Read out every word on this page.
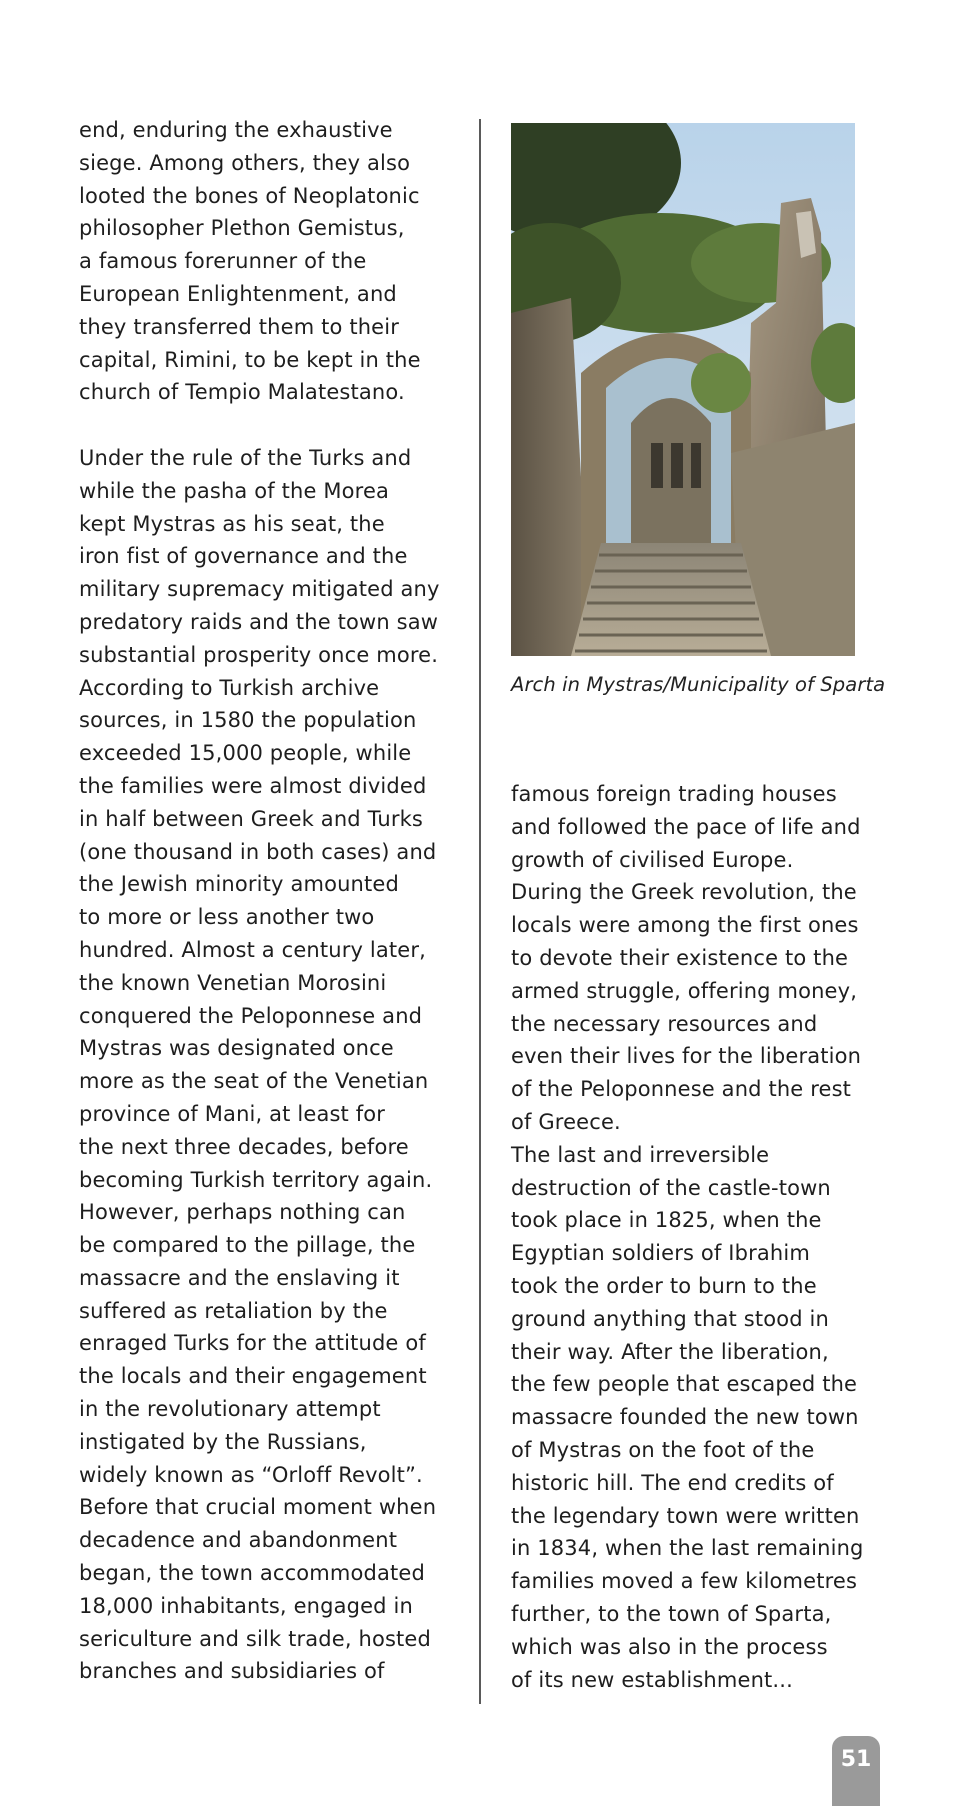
end, enduring the exhaustive
siege. Among others, they also
looted the bones of Neoplatonic
philosopher Plethon Gemistus,
a famous forerunner of the
European Enlightenment, and
they transferred them to their
capital, Rimini, to be kept in the
church of Tempio Malatestano.
Under the rule of the Turks and
while the pasha of the Morea
kept Mystras as his seat, the
iron fist of governance and the
military supremacy mitigated any
predatory raids and the town saw
substantial prosperity once more.
According to Turkish archive
sources, in 1580 the population
exceeded 15,000 people, while
the families were almost divided
in half between Greek and Turks
(one thousand in both cases) and
the Jewish minority amounted
to more or less another two
hundred. Almost a century later,
the known Venetian Morosini
conquered the Peloponnese and
Mystras was designated once
more as the seat of the Venetian
province of Mani, at least for
the next three decades, before
becoming Turkish territory again.
However, perhaps nothing can
be compared to the pillage, the
massacre and the enslaving it
suffered as retaliation by the
enraged Turks for the attitude of
the locals and their engagement
in the revolutionary attempt
instigated by the Russians,
widely known as “Orloff Revolt”.
Before that crucial moment when
decadence and abandonment
began, the town accommodated
18,000 inhabitants, engaged in
sericulture and silk trade, hosted
branches and subsidiaries of
Arch in Mystras/Municipality of Sparta
famous foreign trading houses
and followed the pace of life and
growth of civilised Europe.
During the Greek revolution, the
locals were among the first ones
to devote their existence to the
armed struggle, offering money,
the necessary resources and
even their lives for the liberation
of the Peloponnese and the rest
of Greece.
The last and irreversible
destruction of the castle-town
took place in 1825, when the
Egyptian soldiers of Ibrahim
took the order to burn to the
ground anything that stood in
their way. After the liberation,
the few people that escaped the
massacre founded the new town
of Mystras on the foot of the
historic hill. The end credits of
the legendary town were written
in 1834, when the last remaining
families moved a few kilometres
further, to the town of Sparta,
which was also in the process
of its new establishment...
51
